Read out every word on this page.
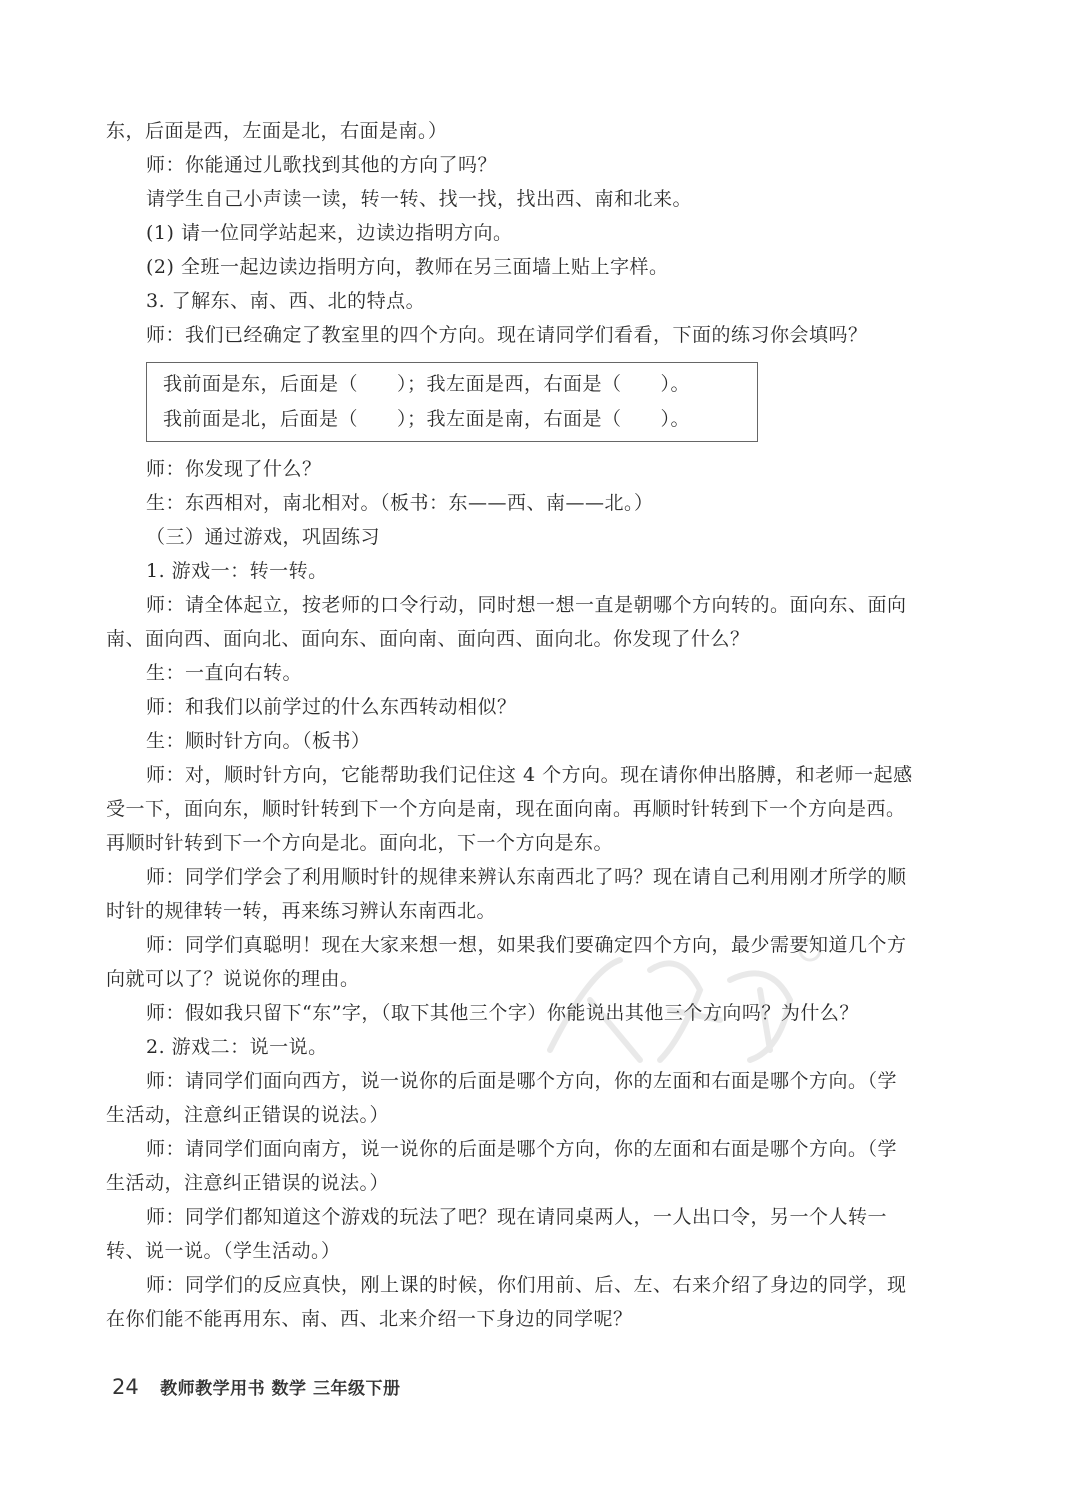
东，后面是西，左面是北，右面是南。）

师：你能通过儿歌找到其他的方向了吗？

请学生自己小声读一读，转一转、找一找，找出西、南和北来。

(1) 请一位同学站起来，边读边指明方向。

(2) 全班一起边读边指明方向，教师在另三面墙上贴上字样。

3. 了解东、南、西、北的特点。

师：我们已经确定了教室里的四个方向。现在请同学们看看，下面的练习你会填吗？

我前面是东，后面是（　　）；我左面是西，右面是（　　）。

我前面是北，后面是（　　）；我左面是南，右面是（　　）。

师：你发现了什么？

生：东西相对，南北相对。（板书：东——西、南——北。）

（三）通过游戏，巩固练习

1. 游戏一：转一转。

师：请全体起立，按老师的口令行动，同时想一想一直是朝哪个方向转的。面向东、面向

南、面向西、面向北、面向东、面向南、面向西、面向北。你发现了什么？

生：一直向右转。

师：和我们以前学过的什么东西转动相似？

生：顺时针方向。（板书）

师：对，顺时针方向，它能帮助我们记住这 4 个方向。现在请你伸出胳膊，和老师一起感

受一下，面向东，顺时针转到下一个方向是南，现在面向南。再顺时针转到下一个方向是西。

再顺时针转到下一个方向是北。面向北，下一个方向是东。

师：同学们学会了利用顺时针的规律来辨认东南西北了吗？现在请自己利用刚才所学的顺

时针的规律转一转，再来练习辨认东南西北。

师：同学们真聪明！现在大家来想一想，如果我们要确定四个方向，最少需要知道几个方

向就可以了？说说你的理由。

师：假如我只留下“东”字，（取下其他三个字）你能说出其他三个方向吗？为什么？

2. 游戏二：说一说。

师：请同学们面向西方，说一说你的后面是哪个方向，你的左面和右面是哪个方向。（学

生活动，注意纠正错误的说法。）

师：请同学们面向南方，说一说你的后面是哪个方向，你的左面和右面是哪个方向。（学

生活动，注意纠正错误的说法。）

师：同学们都知道这个游戏的玩法了吧？现在请同桌两人，一人出口令，另一个人转一

转、说一说。（学生活动。）

师：同学们的反应真快，刚上课的时候，你们用前、后、左、右来介绍了身边的同学，现

在你们能不能再用东、南、西、北来介绍一下身边的同学呢？

24 教师教学用书 数学 三年级下册
